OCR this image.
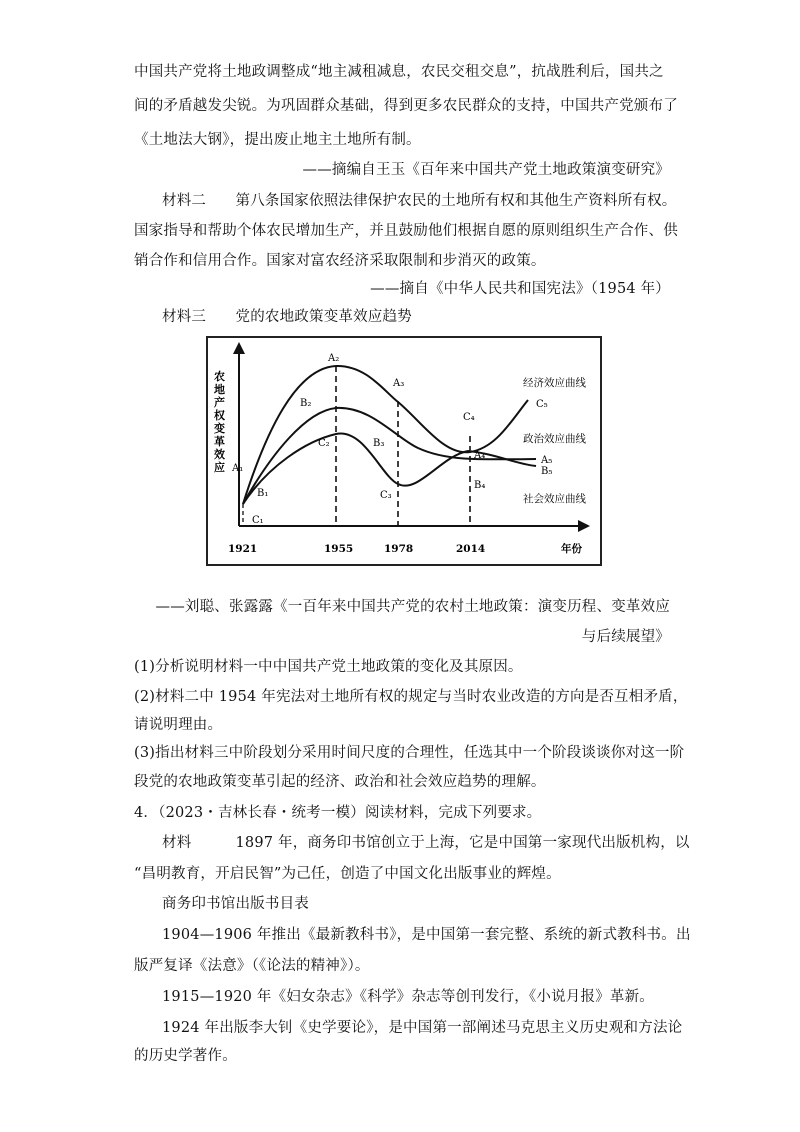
中国共产党将土地政调整成“地主减租减息，农民交租交息”，抗战胜利后，国共之
间的矛盾越发尖锐。为巩固群众基础，得到更多农民群众的支持，中国共产党颁布了
《土地法大钢》，提出废止地主土地所有制。
——摘编自王玉《百年来中国共产党土地政策演变研究》
材料二　　第八条国家依照法律保护农民的土地所有权和其他生产资料所有权。
国家指导和帮助个体农民增加生产，并且鼓励他们根据自愿的原则组织生产合作、供
销合作和信用合作。国家对富农经济采取限制和步消灭的政策。
——摘自《中华人民共和国宪法》（1954 年）
材料三　　党的农地政策变革效应趋势
农
地
产
权
变
革
效
应 A₁
A₂
A₃
A₄	A₅
B₁
B₂
B₃
B₄
B₅
C₁
C₂
C₃
C₄
C₅
经济效应曲线
政治效应曲线
社会效应曲线
1921	1955	1978	2014	年份
——刘聪、张露露《一百年来中国共产党的农村土地政策：演变历程、变革效应
与后续展望》
(1)分析说明材料一中中国共产党土地政策的变化及其原因。
(2)材料二中 1954 年宪法对土地所有权的规定与当时农业改造的方向是否互相矛盾，
请说明理由。
(3)指出材料三中阶段划分采用时间尺度的合理性，任选其中一个阶段谈谈你对这一阶
段党的农地政策变革引起的经济、政治和社会效应趋势的理解。
4．（2023・吉林长春・统考一模）阅读材料，完成下列要求。
材料　　　1897 年，商务印书馆创立于上海，它是中国第一家现代出版机构，以
“昌明教育，开启民智”为己任，创造了中国文化出版事业的辉煌。
商务印书馆出版书目表
1904—1906 年推出《最新教科书》，是中国第一套完整、系统的新式教科书。出
版严复译《法意》（《论法的精神》）。
1915—1920 年《妇女杂志》《科学》杂志等创刊发行，《小说月报》革新。
1924 年出版李大钊《史学要论》，是中国第一部阐述马克思主义历史观和方法论
的历史学著作。
